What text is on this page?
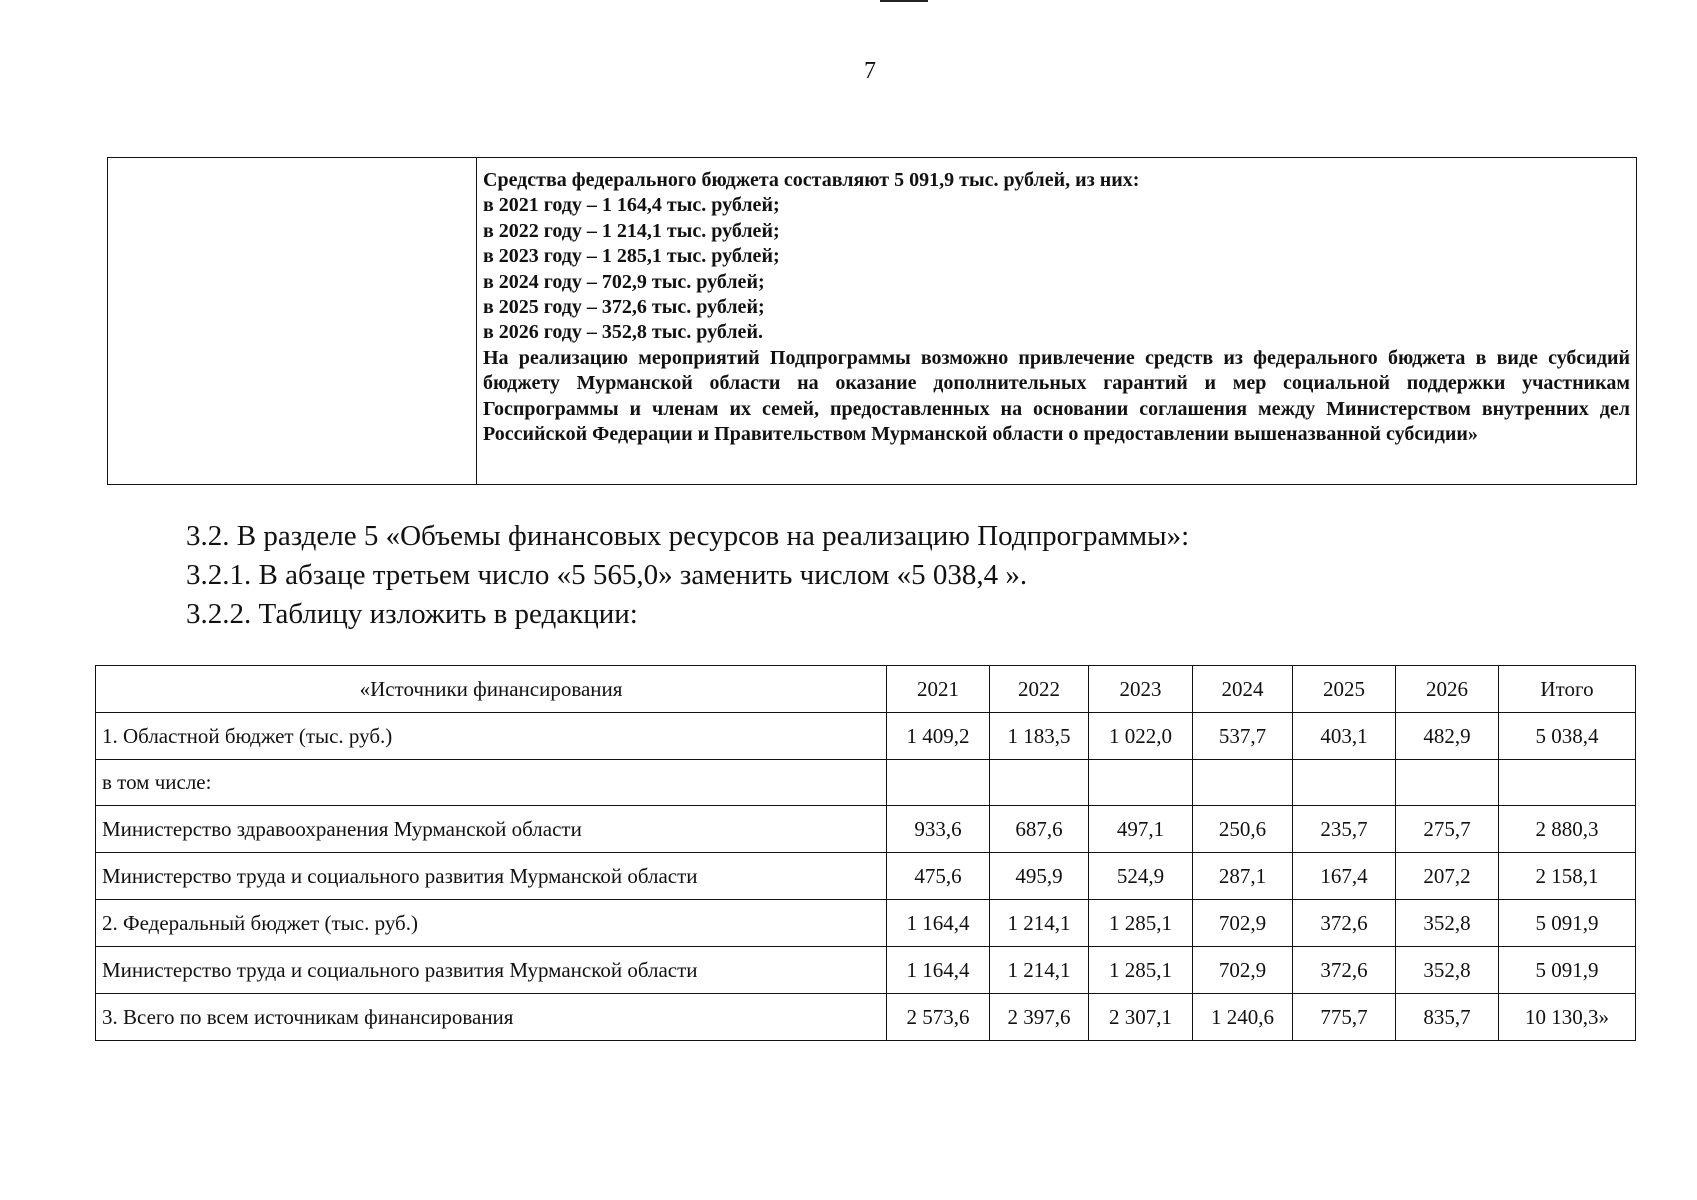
7

Средства федерального бюджета составляют 5 091,9 тыс. рублей, из них:
в 2021 году – 1 164,4 тыс. рублей;
в 2022 году – 1 214,1 тыс. рублей;
в 2023 году – 1 285,1 тыс. рублей;
в 2024 году – 702,9 тыс. рублей;
в 2025 году – 372,6 тыс. рублей;
в 2026 году – 352,8 тыс. рублей.
На реализацию мероприятий Подпрограммы возможно привлечение средств из федерального бюджета в виде субсидий бюджету Мурманской области на оказание дополнительных гарантий и мер социальной поддержки участникам Госпрограммы и членам их семей, предоставленных на основании соглашения между Министерством внутренних дел Российской Федерации и Правительством Мурманской области о предоставлении вышеназванной субсидии»
3.2. В разделе 5 «Объемы финансовых ресурсов на реализацию Подпрограммы»:
3.2.1. В абзаце третьем число «5 565,0» заменить числом «5 038,4 ».
3.2.2. Таблицу изложить в редакции:
«Источники финансирования	2021	2022	2023	2024	2025	2026	Итого
1. Областной бюджет (тыс. руб.)	1 409,2	1 183,5	1 022,0	537,7	403,1	482,9	5 038,4
в том числе:							
Министерство здравоохранения Мурманской области	933,6	687,6	497,1	250,6	235,7	275,7	2 880,3
Министерство труда и социального развития Мурманской области	475,6	495,9	524,9	287,1	167,4	207,2	2 158,1
2. Федеральный бюджет (тыс. руб.)	1 164,4	1 214,1	1 285,1	702,9	372,6	352,8	5 091,9
Министерство труда и социального развития Мурманской области	1 164,4	1 214,1	1 285,1	702,9	372,6	352,8	5 091,9
3. Всего по всем источникам финансирования	2 573,6	2 397,6	2 307,1	1 240,6	775,7	835,7	10 130,3»
